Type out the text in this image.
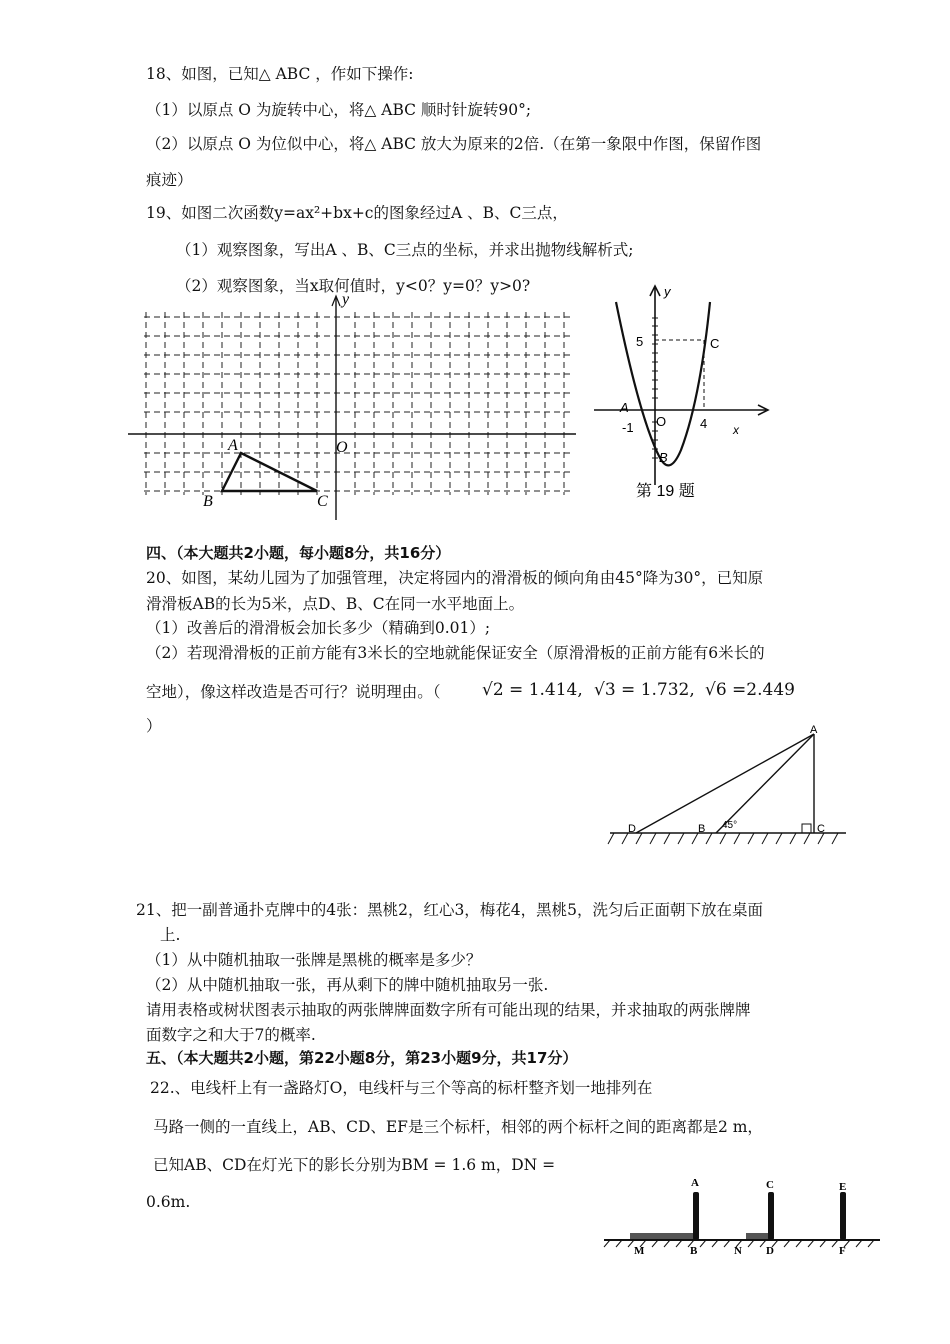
18、如图，已知△ ABC ，作如下操作:
（1）以原点 O 为旋转中心，将△ ABC 顺时针旋转90°;
（2）以原点 O 为位似中心，将△ ABC 放大为原来的2倍.（在第一象限中作图，保留作图
痕迹）
19、如图二次函数y=ax²+bx+c的图象经过A 、B、C三点，
（1）观察图象，写出A 、B、C三点的坐标，并求出抛物线解析式;
（2）观察图象，当x取何值时，y<0？y=0？y>0?
y
O
A
B	C
y
5	C
A
O
-1	4 x
B
第 19 题
四、（本大题共2小题，每小题8分，共16分）
20、如图，某幼儿园为了加强管理，决定将园内的滑滑板的倾向角由45°降为30°，已知原
滑滑板AB的长为5米，点D、B、C在同一水平地面上。
（1）改善后的滑滑板会加长多少（精确到0.01）;
（2）若现滑滑板的正前方能有3米长的空地就能保证安全（原滑滑板的正前方能有6米长的
空地），像这样改造是否可行？说明理由。（ √2 = 1.414, √3 = 1.732, √6 =2.449
）	A
D	B 45°	C
21、把一副普通扑克牌中的4张：黑桃2，红心3，梅花4，黑桃5，洗匀后正面朝下放在桌面
上.
（1）从中随机抽取一张牌是黑桃的概率是多少？
（2）从中随机抽取一张，再从剩下的牌中随机抽取另一张.
请用表格或树状图表示抽取的两张牌牌面数字所有可能出现的结果，并求抽取的两张牌牌
面数字之和大于7的概率.
五、（本大题共2小题，第22小题8分，第23小题9分，共17分）
22.、电线杆上有一盏路灯O，电线杆与三个等高的标杆整齐划一地排列在
马路一侧的一直线上，AB、CD、EF是三个标杆，相邻的两个标杆之间的距离都是2 m，
已知AB、CD在灯光下的影长分别为BM = 1.6 m，DN =
0.6m.
A	C	E
M	B	N D	F
